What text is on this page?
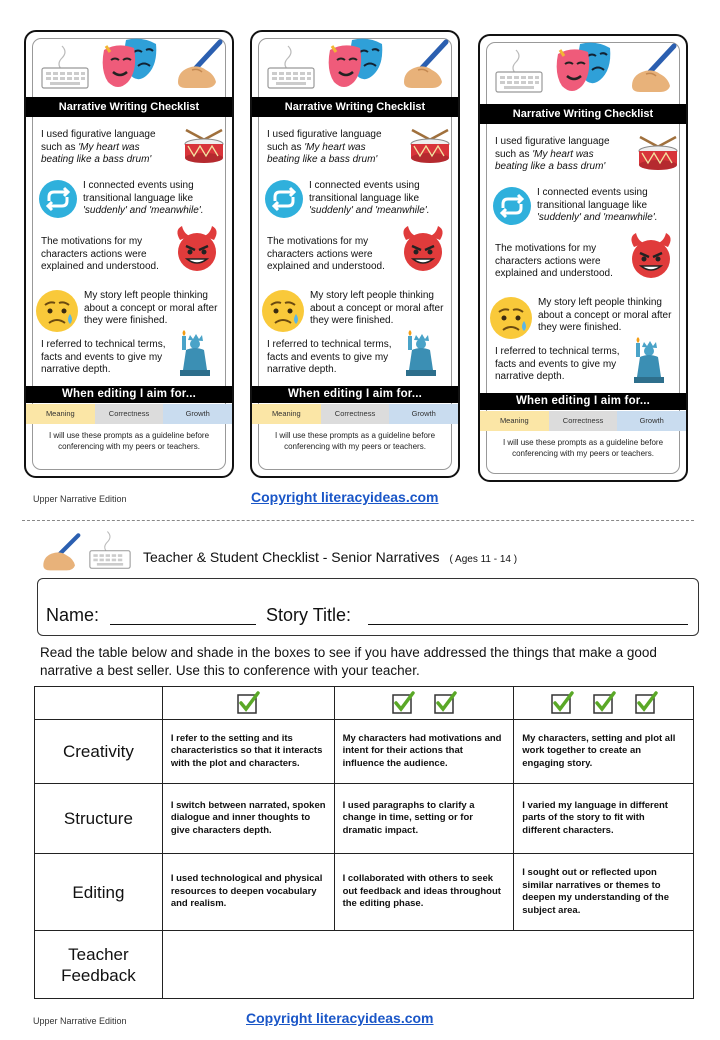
Narrative Writing Checklist
I used figurative language such as 'My heart was beating like a bass drum'
I connected events using transitional language like 'suddenly' and 'meanwhile'.
The motivations for my characters actions were explained and understood.
My story left people thinking about a concept or moral after they were finished.
I referred to technical terms, facts and events to give my narrative depth.
When editing I aim for...
Meaning	Correctness	Growth
I will use these prompts as a guideline before conferencing with my peers or teachers.
Narrative Writing Checklist
I used figurative language such as 'My heart was beating like a bass drum'
I connected events using transitional language like 'suddenly' and 'meanwhile'.
The motivations for my characters actions were explained and understood.
My story left people thinking about a concept or moral after they were finished.
I referred to technical terms, facts and events to give my narrative depth.
When editing I aim for...
Meaning	Correctness	Growth
I will use these prompts as a guideline before conferencing with my peers or teachers.
Narrative Writing Checklist
I used figurative language such as 'My heart was beating like a bass drum'
I connected events using transitional language like 'suddenly' and 'meanwhile'.
The motivations for my characters actions were explained and understood.
My story left people thinking about a concept or moral after they were finished.
I referred to technical terms, facts and events to give my narrative depth.
When editing I aim for...
Meaning	Correctness	Growth
I will use these prompts as a guideline before conferencing with my peers or teachers.
Upper Narrative Edition	Copyright literacyideas.com
Teacher & Student Checklist - Senior Narratives ( Ages 11 - 14 )
Name:	Story Title:
Read the table below and shade in the boxes to see if you have addressed the things that make a good narrative a best seller. Use this to conference with your teacher.

Creativity	I refer to the setting and its characteristics so that it interacts with the plot and characters.	My characters had motivations and intent for their actions that influence the audience.	My characters, setting and plot all work together to create an engaging story.
Structure	I switch between narrated, spoken dialogue and inner thoughts to give characters depth.	I used paragraphs to clarify a change in time, setting or for dramatic impact.	I varied my language in different parts of the story to fit with different characters.
Editing	I used technological and physical resources to deepen vocabulary and realism.	I collaborated with others to seek out feedback and ideas throughout the editing phase.	I sought out or reflected upon similar narratives or themes to deepen my understanding of the subject area.
Teacher
Feedback			
Upper Narrative Edition	Copyright literacyideas.com
